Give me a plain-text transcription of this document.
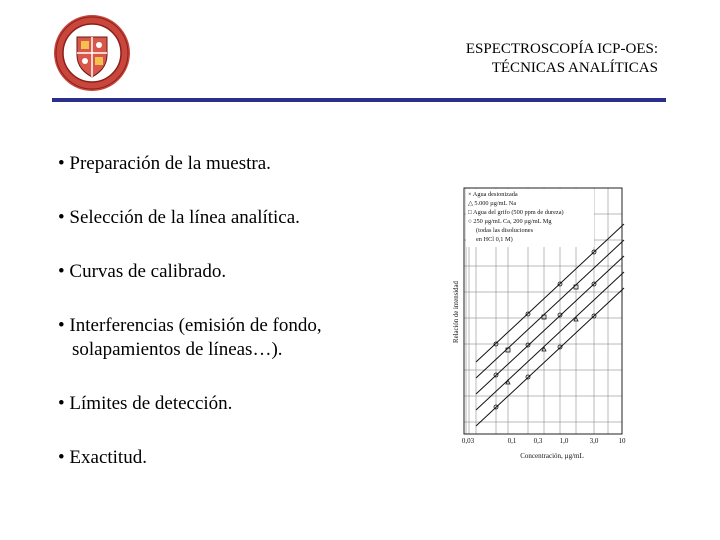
ESPECTROSCOPÍA ICP-OES:
TÉCNICAS ANALÍTICAS
• Preparación de la muestra.
• Selección de la línea analítica.
• Curvas de calibrado.
• Interferencias (emisión de fondo,
solapamientos de líneas…).
• Límites de detección.
• Exactitud.
× Agua desionizada
△ 5.000 µg/mL Na
□ Agua del grifo (500 ppm de dureza)
○ 250 µg/mL Ca, 200 µg/mL Mg
(todas las disoluciones
en HCl 0,1 M)
Relación de intensidad
0,03	0,1 0,3 1,0	3,0	10
Concentración, µg/mL
